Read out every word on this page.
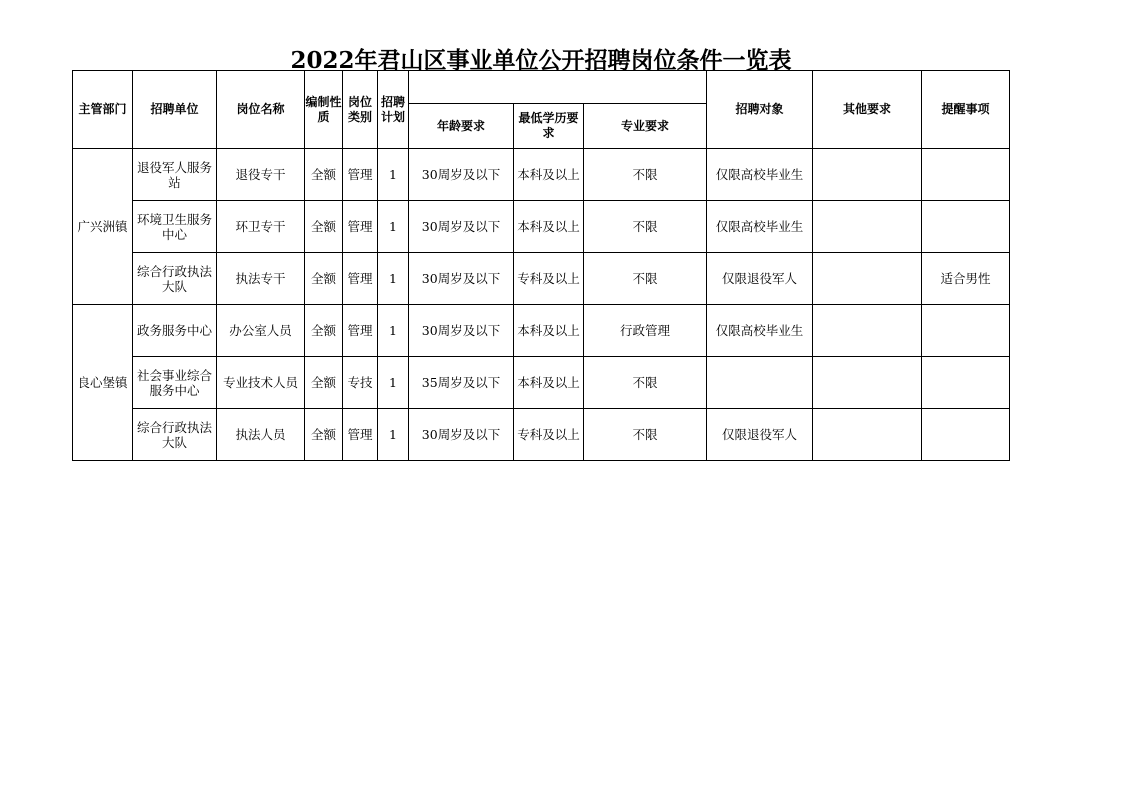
2022年君山区事业单位公开招聘岗位条件一览表
主管部门	招聘单位	岗位名称	编制性质	岗位类别	招聘计划				招聘对象	其他要求	提醒事项
						年龄要求	最低学历要求	专业要求			
广兴洲镇	退役军人服务站	退役专干	全额	管理	1	30周岁及以下	本科及以上	不限	仅限高校毕业生		
	环境卫生服务中心	环卫专干	全额	管理	1	30周岁及以下	本科及以上	不限	仅限高校毕业生		
	综合行政执法大队	执法专干	全额	管理	1	30周岁及以下	专科及以上	不限	仅限退役军人		适合男性
良心堡镇	政务服务中心	办公室人员	全额	管理	1	30周岁及以下	本科及以上	行政管理	仅限高校毕业生		
	社会事业综合服务中心	专业技术人员	全额	专技	1	35周岁及以下	本科及以上	不限			
	综合行政执法大队	执法人员	全额	管理	1	30周岁及以下	专科及以上	不限	仅限退役军人		
